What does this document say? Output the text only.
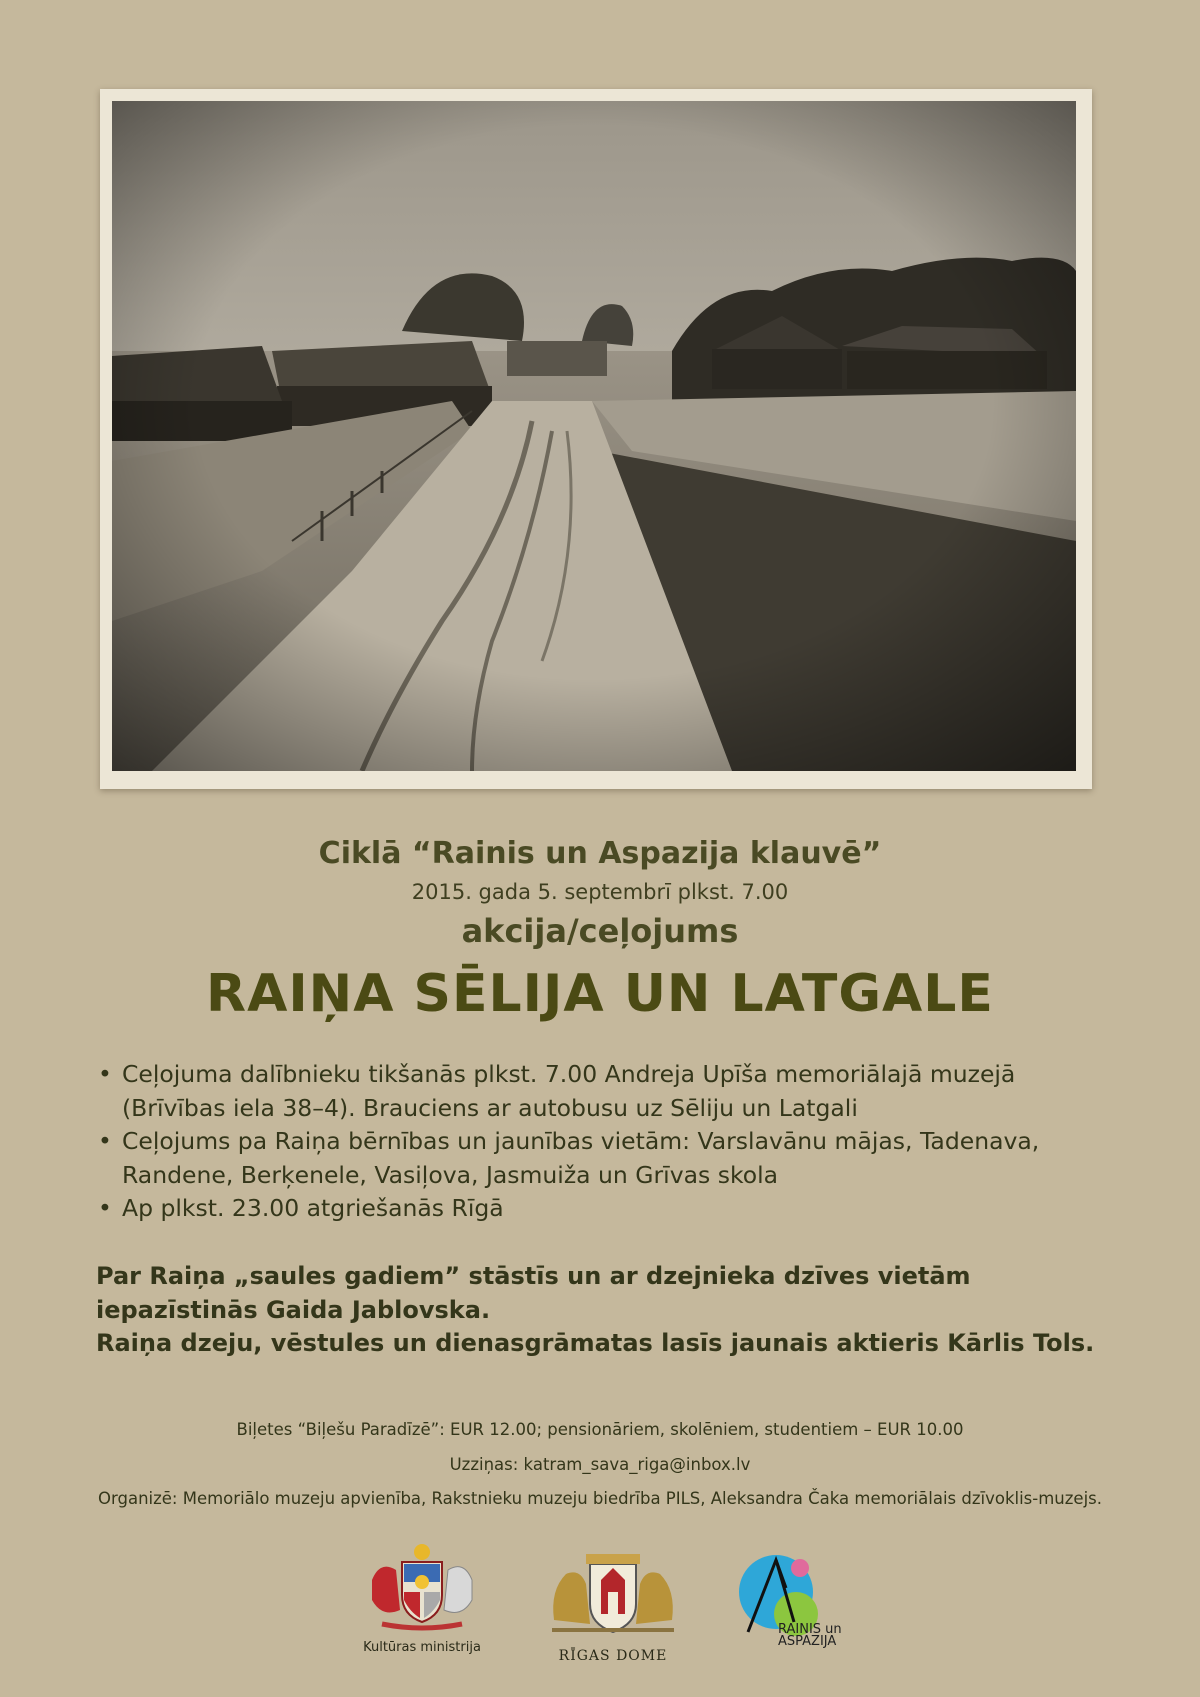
Ciklā “Rainis un Aspazija klauvē”
2015. gada 5. septembrī plkst. 7.00
akcija/ceļojums
RAIŅA SĒLIJA UN LATGALE
• Ceļojuma dalībnieku tikšanās plkst. 7.00 Andreja Upīša memoriālajā muzejā (Brīvības iela 38–4). Brauciens ar autobusu uz Sēliju un Latgali
• Ceļojums pa Raiņa bērnības un jaunības vietām: Varslavānu mājas, Tadenava, Randene, Berķenele, Vasiļova, Jasmuiža un Grīvas skola
• Ap plkst. 23.00 atgriešanās Rīgā
Par Raiņa „saules gadiem” stāstīs un ar dzejnieka dzīves vietām
iepazīstinās Gaida Jablovska.
Raiņa dzeju, vēstules un dienasgrāmatas lasīs jaunais aktieris Kārlis Tols.
Biļetes “Biļešu Paradīzē”: EUR 12.00; pensionāriem, skolēniem, studentiem – EUR 10.00
Uzziņas: katram_sava_riga@inbox.lv
Organizē: Memoriālo muzeju apvienība, Rakstnieku muzeju biedrība PILS, Aleksandra Čaka memoriālais dzīvoklis-muzejs.
Kultūras ministrija
RĪGAS DOME
RAINIS un
ASPAZIJA
